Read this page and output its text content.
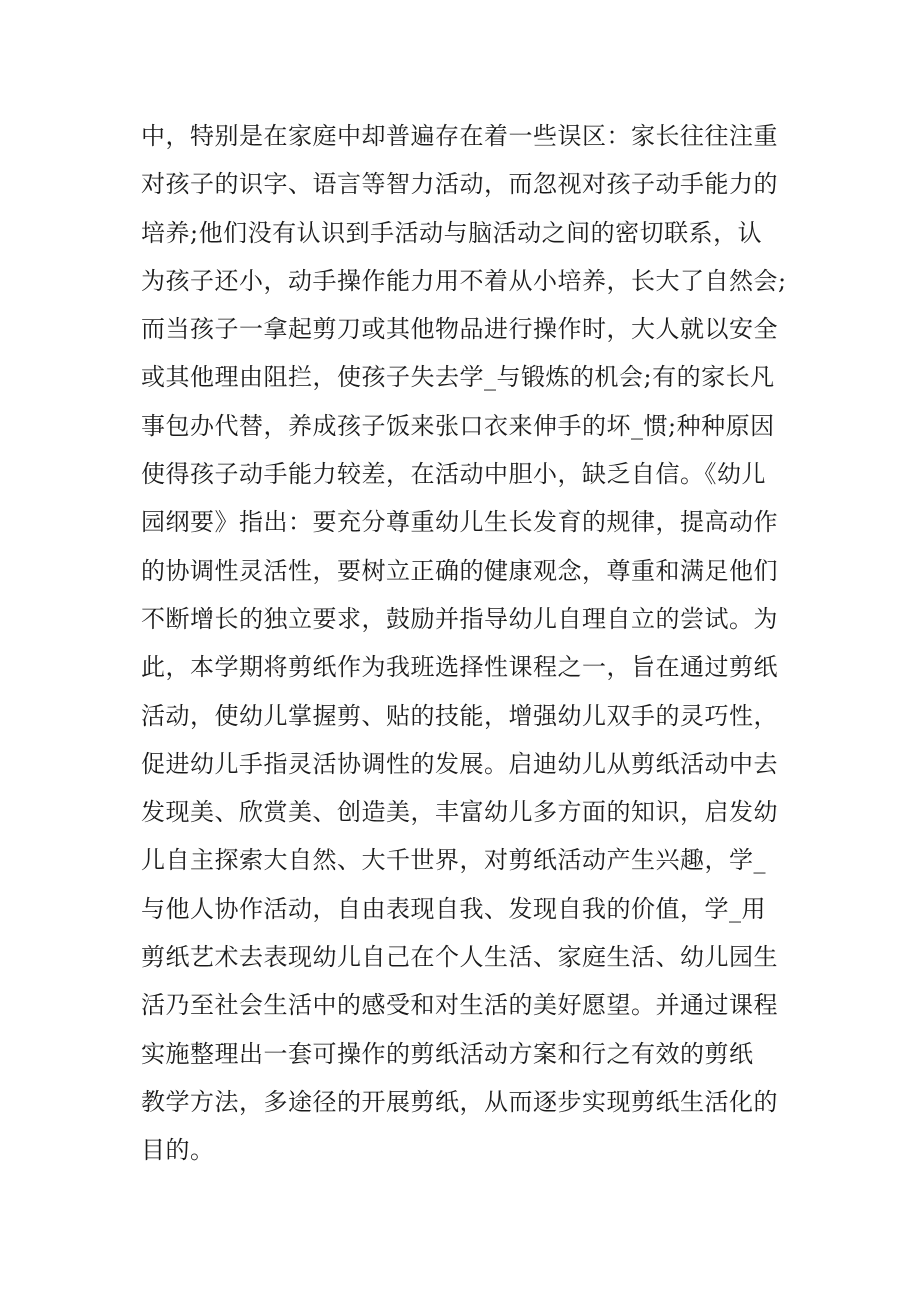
中，特别是在家庭中却普遍存在着一些误区：家长往往注重
对孩子的识字、语言等智力活动，而忽视对孩子动手能力的
培养;他们没有认识到手活动与脑活动之间的密切联系，认
为孩子还小，动手操作能力用不着从小培养，长大了自然会;
而当孩子一拿起剪刀或其他物品进行操作时，大人就以安全
或其他理由阻拦，使孩子失去学_与锻炼的机会;有的家长凡
事包办代替，养成孩子饭来张口衣来伸手的坏_惯;种种原因
使得孩子动手能力较差，在活动中胆小，缺乏自信。《幼儿
园纲要》指出：要充分尊重幼儿生长发育的规律，提高动作
的协调性灵活性，要树立正确的健康观念，尊重和满足他们
不断增长的独立要求，鼓励并指导幼儿自理自立的尝试。为
此，本学期将剪纸作为我班选择性课程之一，旨在通过剪纸
活动，使幼儿掌握剪、贴的技能，增强幼儿双手的灵巧性，
促进幼儿手指灵活协调性的发展。启迪幼儿从剪纸活动中去
发现美、欣赏美、创造美，丰富幼儿多方面的知识，启发幼
儿自主探索大自然、大千世界，对剪纸活动产生兴趣，学_
与他人协作活动，自由表现自我、发现自我的价值，学_用
剪纸艺术去表现幼儿自己在个人生活、家庭生活、幼儿园生
活乃至社会生活中的感受和对生活的美好愿望。并通过课程
实施整理出一套可操作的剪纸活动方案和行之有效的剪纸
教学方法，多途径的开展剪纸，从而逐步实现剪纸生活化的
目的。
